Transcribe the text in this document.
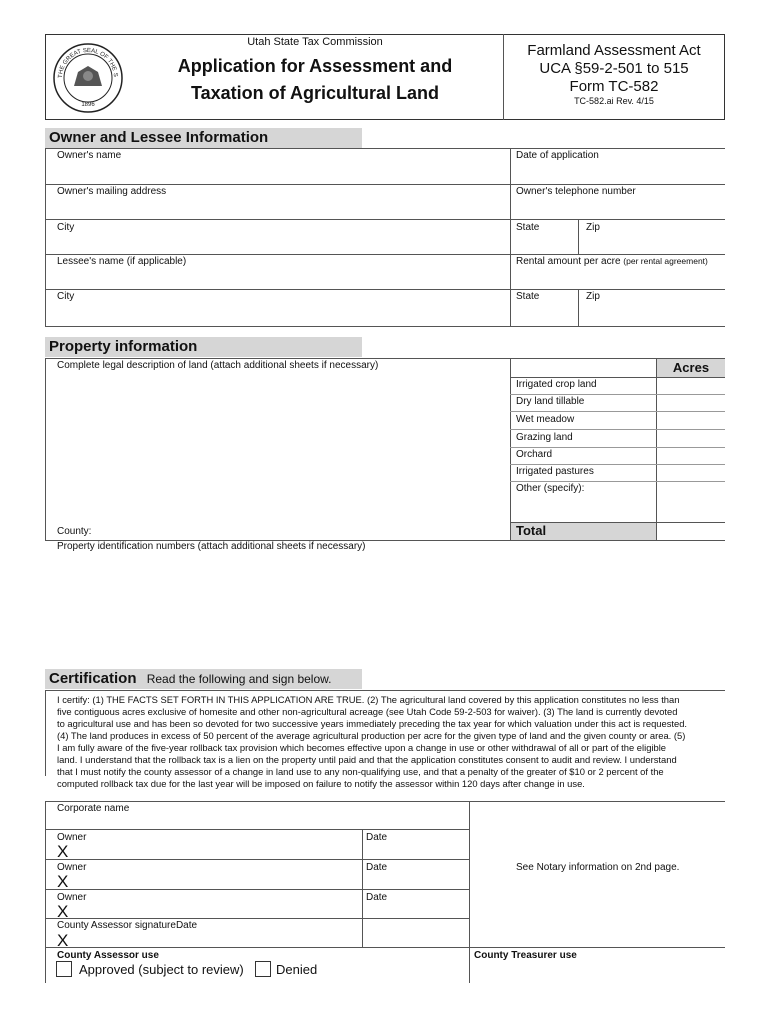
THE GREAT SEAL OF THE S
1896
Utah State Tax Commission
Application for Assessment and
Taxation of Agricultural Land
Farmland Assessment Act
UCA §59-2-501 to 515
Form TC-582
TC-582.ai Rev. 4/15
Owner and Lessee Information
Owner's name	Date of application
Owner's mailing address	Owner's telephone number
City	State	Zip
Lessee's name (if applicable)	Rental amount per acre (per rental agreement)
City	State	Zip
Property information
Complete legal description of land (attach additional sheets if necessary)	Acres
Irrigated crop land
Dry land tillable
Wet meadow
Grazing land
Orchard
Irrigated pastures
Other (specify):
Total
County:
Property identification numbers (attach additional sheets if necessary)
Certification Read the following and sign below.
I certify: (1) THE FACTS SET FORTH IN THIS APPLICATION ARE TRUE. (2) The agricultural land covered by this application constitutes no less than
five contiguous acres exclusive of homesite and other non-agricultural acreage (see Utah Code 59-2-503 for waiver). (3) The land is currently devoted
to agricultural use and has been so devoted for two successive years immediately preceding the tax year for which valuation under this act is requested.
(4) The land produces in excess of 50 percent of the average agricultural production per acre for the given type of land and the given county or area. (5)
I am fully aware of the five-year rollback tax provision which becomes effective upon a change in use or other withdrawal of all or part of the eligible
land. I understand that the rollback tax is a lien on the property until paid and that the application constitutes consent to audit and review. I understand
that I must notify the county assessor of a change in land use to any non-qualifying use, and that a penalty of the greater of $10 or 2 percent of the
computed rollback tax due for the last year will be imposed on failure to notify the assessor within 120 days after change in use.
Corporate name
Owner
X
Date
Owner
X
Date
Owner
X
Date
County Assessor signatureDate
X
See Notary information on 2nd page.
County Assessor use	County Treasurer use
Approved (subject to review) Denied
